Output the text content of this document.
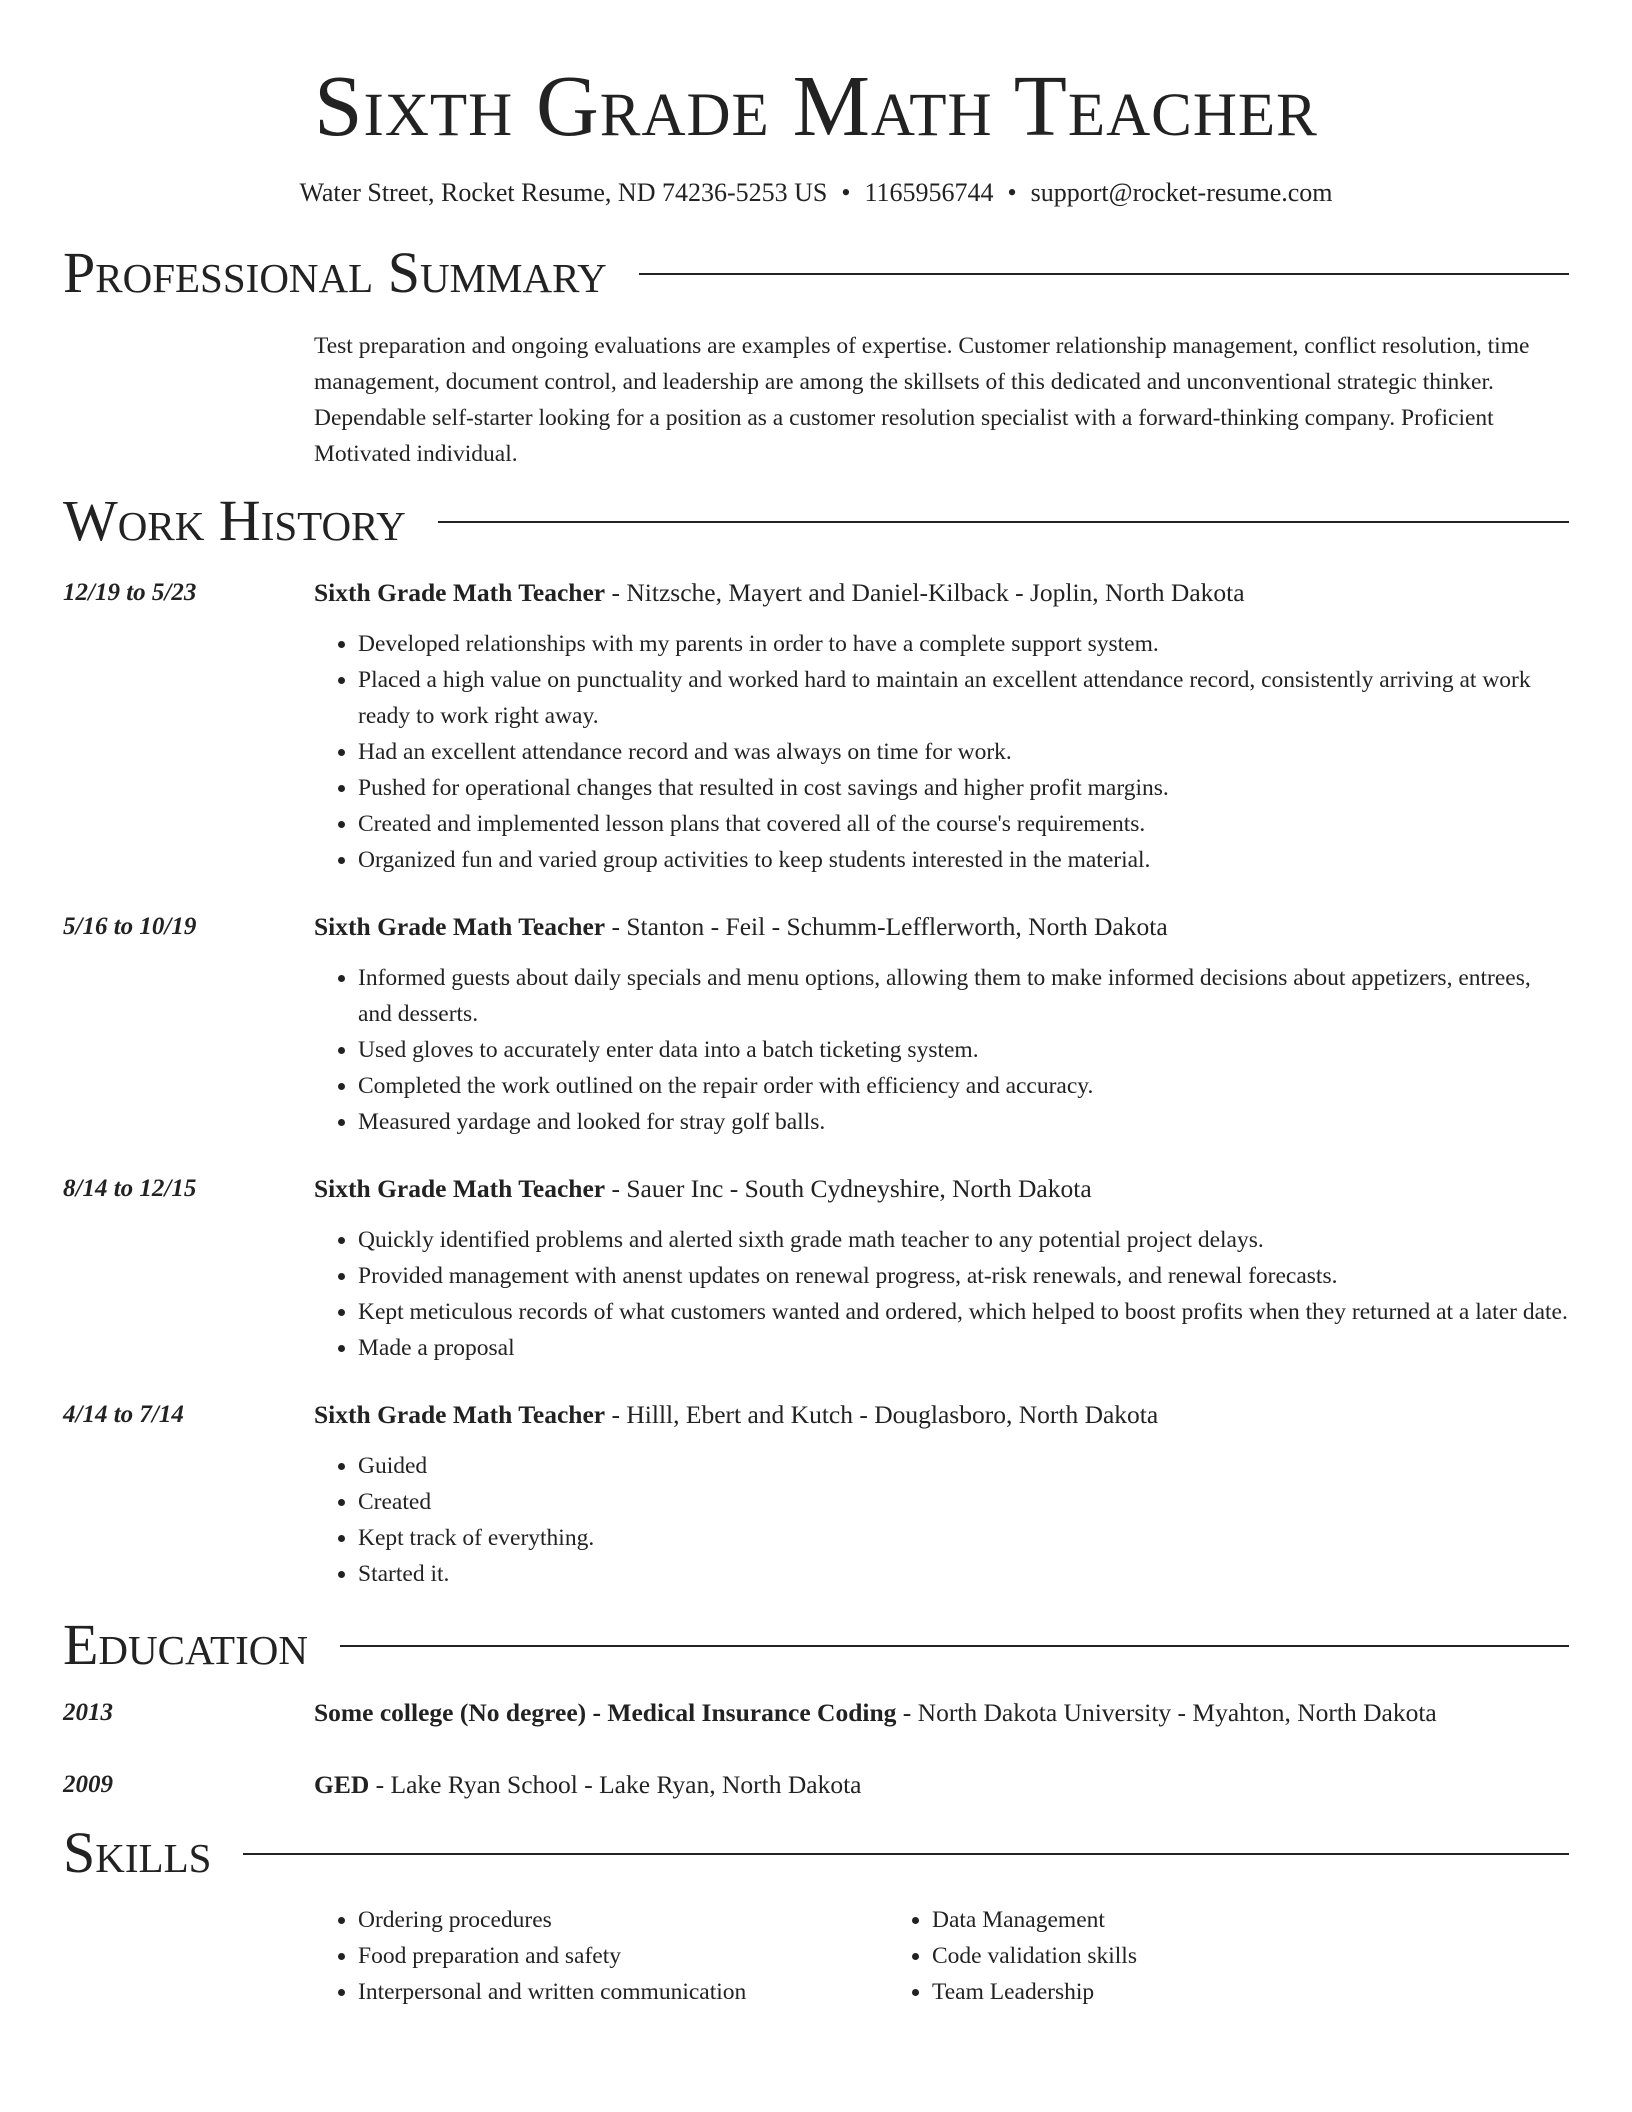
Sixth Grade Math Teacher
Water Street, Rocket Resume, ND 74236-5253 US • 1165956744 • support@rocket-resume.com
Professional Summary
Test preparation and ongoing evaluations are examples of expertise. Customer relationship management, conflict resolution, time management, document control, and leadership are among the skillsets of this dedicated and unconventional strategic thinker. Dependable self-starter looking for a position as a customer resolution specialist with a forward-thinking company. Proficient Motivated individual.
Work History
12/19 to 5/23	Sixth Grade Math Teacher - Nitzsche, Mayert and Daniel-Kilback - Joplin, North Dakota
• Developed relationships with my parents in order to have a complete support system.
• Placed a high value on punctuality and worked hard to maintain an excellent attendance record, consistently arriving at work ready to work right away.
• Had an excellent attendance record and was always on time for work.
• Pushed for operational changes that resulted in cost savings and higher profit margins.
• Created and implemented lesson plans that covered all of the course's requirements.
• Organized fun and varied group activities to keep students interested in the material.
5/16 to 10/19	Sixth Grade Math Teacher - Stanton - Feil - Schumm-Lefflerworth, North Dakota
• Informed guests about daily specials and menu options, allowing them to make informed decisions about appetizers, entrees, and desserts.
• Used gloves to accurately enter data into a batch ticketing system.
• Completed the work outlined on the repair order with efficiency and accuracy.
• Measured yardage and looked for stray golf balls.
8/14 to 12/15	Sixth Grade Math Teacher - Sauer Inc - South Cydneyshire, North Dakota
• Quickly identified problems and alerted sixth grade math teacher to any potential project delays.
• Provided management with anenst updates on renewal progress, at-risk renewals, and renewal forecasts.
• Kept meticulous records of what customers wanted and ordered, which helped to boost profits when they returned at a later date.
• Made a proposal
4/14 to 7/14	Sixth Grade Math Teacher - Hilll, Ebert and Kutch - Douglasboro, North Dakota
• Guided
• Created
• Kept track of everything.
• Started it.
Education
2013	Some college (No degree) - Medical Insurance Coding - North Dakota University - Myahton, North Dakota
2009	GED - Lake Ryan School - Lake Ryan, North Dakota
Skills
• Ordering procedures
• Food preparation and safety
• Interpersonal and written communication
• Data Management
• Code validation skills
• Team Leadership
